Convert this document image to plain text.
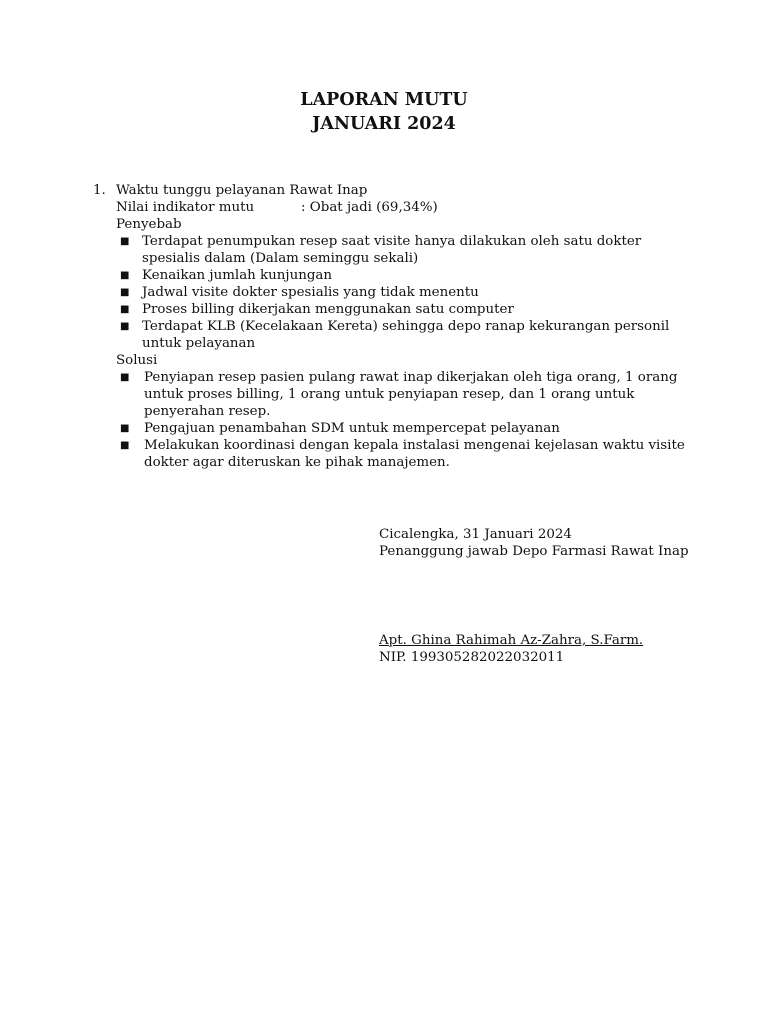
LAPORAN MUTU
JANUARI 2024
1. Waktu tunggu pelayanan Rawat Inap
Nilai indikator mutu	: Obat jadi (69,34%)
Penyebab
■ Terdapat penumpukan resep saat visite hanya dilakukan oleh satu dokter spesialis dalam (Dalam seminggu sekali)
■ Kenaikan jumlah kunjungan
■ Jadwal visite dokter spesialis yang tidak menentu
■ Proses billing dikerjakan menggunakan satu computer
■ Terdapat KLB (Kecelakaan Kereta) sehingga depo ranap kekurangan personil untuk pelayanan
Solusi
■ Penyiapan resep pasien pulang rawat inap dikerjakan oleh tiga orang, 1 orang untuk proses billing, 1 orang untuk penyiapan resep, dan 1 orang untuk penyerahan resep.
■ Pengajuan penambahan SDM untuk mempercepat pelayanan
■ Melakukan koordinasi dengan kepala instalasi mengenai kejelasan waktu visite dokter agar diteruskan ke pihak manajemen.
Cicalengka, 31 Januari 2024
Penanggung jawab Depo Farmasi Rawat Inap
Apt. Ghina Rahimah Az-Zahra, S.Farm.
NIP. 199305282022032011
